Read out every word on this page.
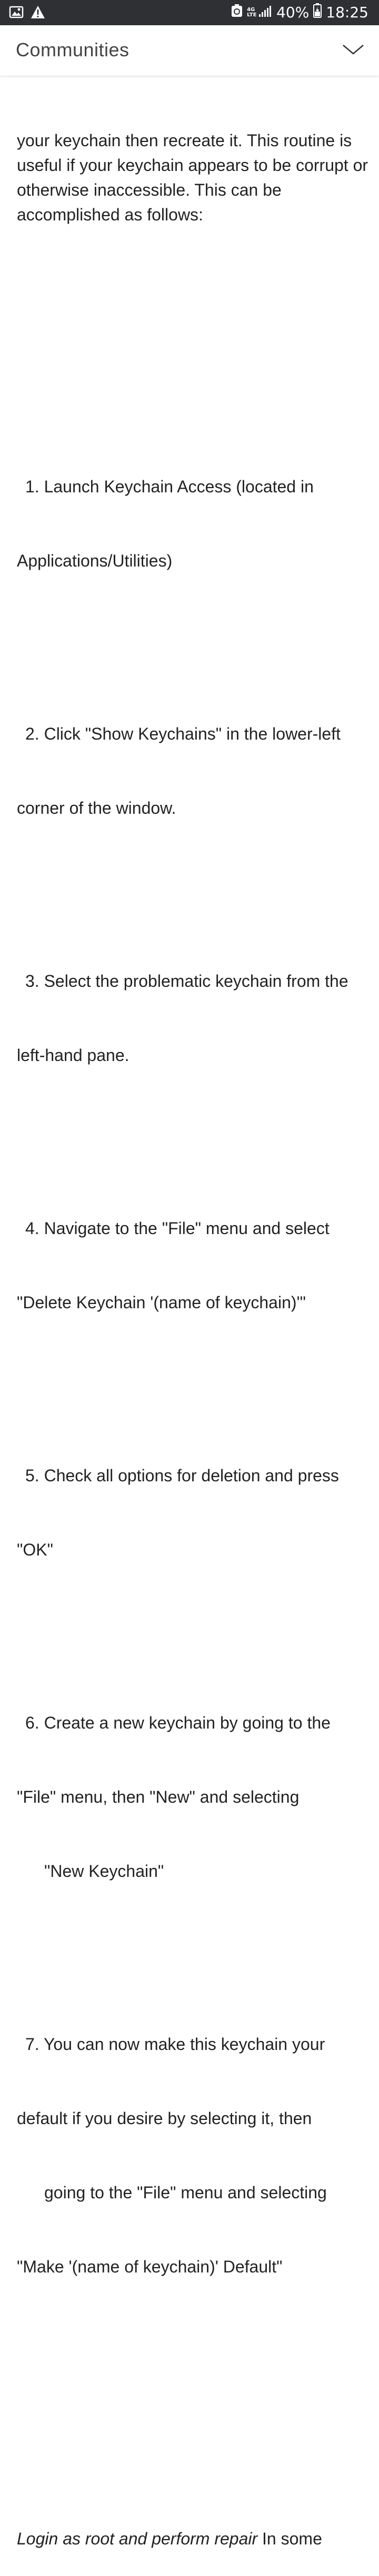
4G LTE 40% 18:25
Communities

your keychain then recreate it. This routine is useful if your keychain appears to be corrupt or otherwise inaccessible. This can be accomplished as follows:

1. Launch Keychain Access (located in

Applications/Utilities)

2. Click "Show Keychains" in the lower-left

corner of the window.

3. Select the problematic keychain from the

left-hand pane.

4. Navigate to the "File" menu and select

"Delete Keychain '(name of keychain)'"

5. Check all options for deletion and press

"OK"

6. Create a new keychain by going to the

"File" menu, then "New" and selecting

"New Keychain"

7. You can now make this keychain your

default if you desire by selecting it, then

going to the "File" menu and selecting

"Make '(name of keychain)' Default"

Login as root and perform repair In some
